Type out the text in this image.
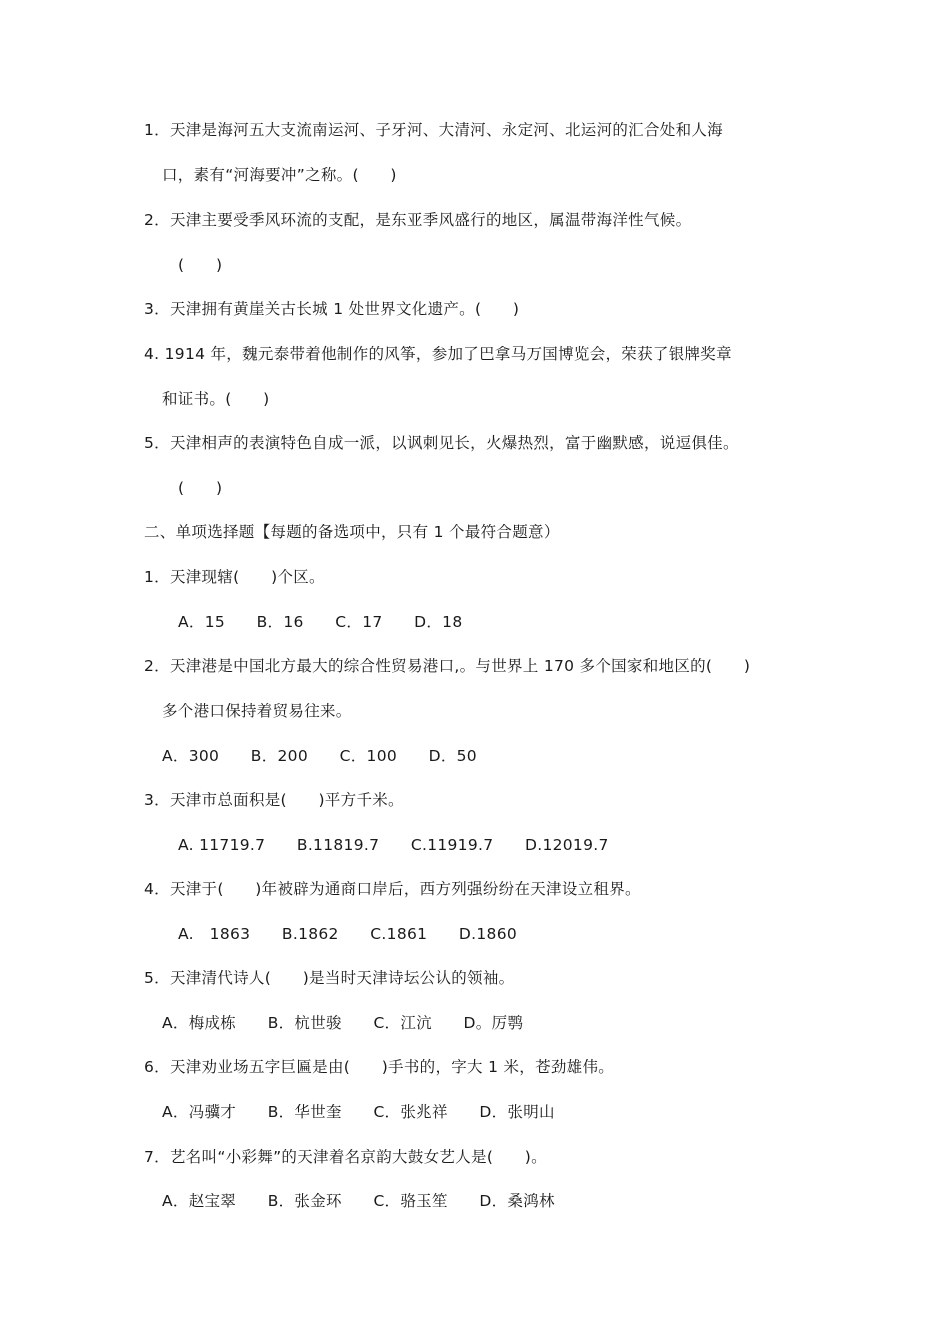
1．天津是海河五大支流南运河、子牙河、大清河、永定河、北运河的汇合处和人海
口，素有“河海要冲”之称。(　　)
2．天津主要受季风环流的支配，是东亚季风盛行的地区，属温带海洋性气候。
(　　)
3．天津拥有黄崖关古长城 1 处世界文化遗产。(　　)
4. 1914 年，魏元泰带着他制作的风筝，参加了巴拿马万国博览会，荣获了银牌奖章
和证书。(　　)
5．天津相声的表演特色自成一派，以讽刺见长，火爆热烈，富于幽默感，说逗俱佳。
(　　)
二、单项选择题【每题的备选项中，只有 1 个最符合题意）
1．天津现辖(　　)个区。
A．15　　B．16　　C．17　　D．18
2．天津港是中国北方最大的综合性贸易港口,。与世界上 170 多个国家和地区的(　　)
多个港口保持着贸易往来。
A．300　　B．200　　C．100　　D．50
3．天津市总面积是(　　)平方千米。
A. 11719.7　　B.11819.7　　C.11919.7　　D.12019.7
4．天津于(　　)年被辟为通商口岸后，西方列强纷纷在天津设立租界。
A.　1863　　B.1862　　C.1861　　D.1860
5．天津清代诗人(　　)是当时天津诗坛公认的领袖。
A．梅成栋　　B．杭世骏　　C．江沆　　D。厉鹗
6．天津劝业场五字巨匾是由(　　)手书的，字大 1 米，苍劲雄伟。
A．冯骥才　　B．华世奎　　C．张兆祥　　D．张明山
7．艺名叫“小彩舞”的天津着名京韵大鼓女艺人是(　　)。
A．赵宝翠　　B．张金环　　C．骆玉笙　　D．桑鸿林
